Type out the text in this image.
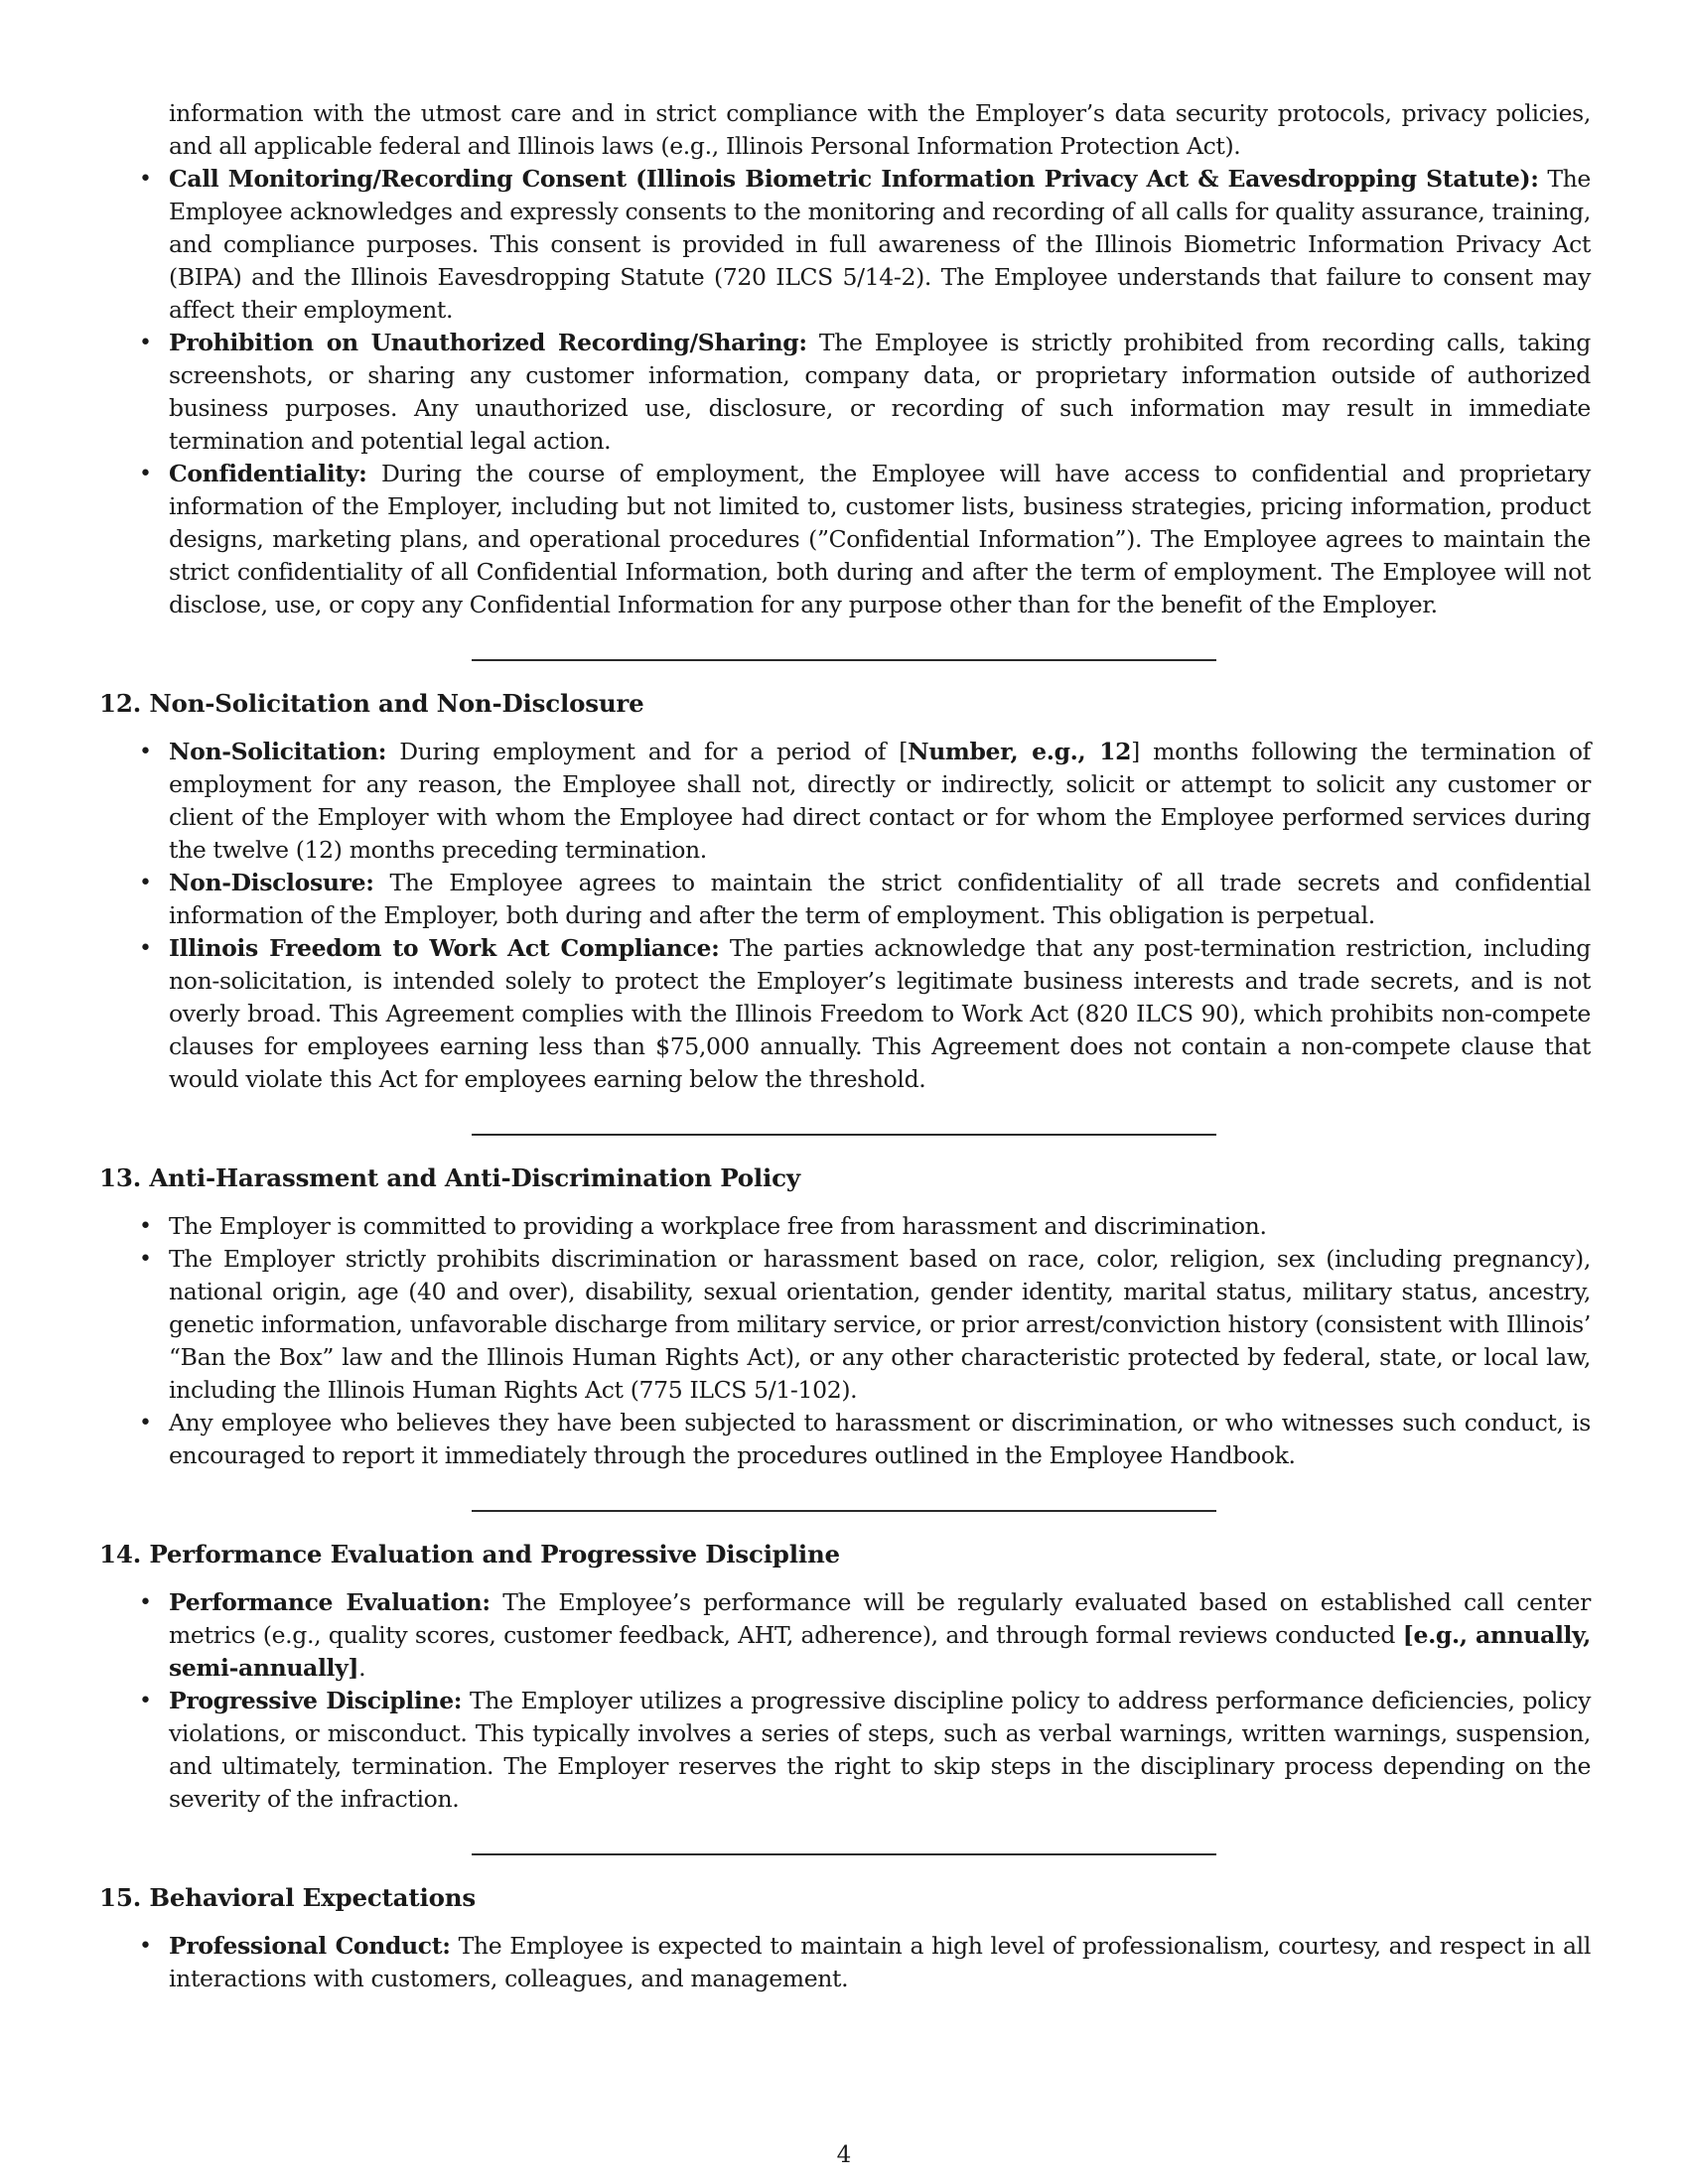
information with the utmost care and in strict compliance with the Employer’s data security protocols, privacy policies, and all applicable federal and Illinois laws (e.g., Illinois Personal Information Protection Act).

• Call Monitoring/Recording Consent (Illinois Biometric Information Privacy Act & Eavesdropping Statute): The Employee acknowledges and expressly consents to the monitoring and recording of all calls for quality assurance, training, and compliance purposes. This consent is provided in full awareness of the Illinois Biometric Information Privacy Act (BIPA) and the Illinois Eavesdropping Statute (720 ILCS 5/14-2). The Employee understands that failure to consent may affect their employment.
• Prohibition on Unauthorized Recording/Sharing: The Employee is strictly prohibited from recording calls, taking screenshots, or sharing any customer information, company data, or proprietary information outside of authorized business purposes. Any unauthorized use, disclosure, or recording of such information may result in immediate termination and potential legal action.
• Confidentiality: During the course of employment, the Employee will have access to confidential and proprietary information of the Employer, including but not limited to, customer lists, business strategies, pricing information, product designs, marketing plans, and operational procedures (”Confidential Information”). The Employee agrees to maintain the strict confidentiality of all Confidential Information, both during and after the term of employment. The Employee will not disclose, use, or copy any Confidential Information for any purpose other than for the benefit of the Employer.
12. Non-Solicitation and Non-Disclosure
• Non-Solicitation: During employment and for a period of [Number, e.g., 12] months following the termination of employment for any reason, the Employee shall not, directly or indirectly, solicit or attempt to solicit any customer or client of the Employer with whom the Employee had direct contact or for whom the Employee performed services during the twelve (12) months preceding termination.
• Non-Disclosure: The Employee agrees to maintain the strict confidentiality of all trade secrets and confidential information of the Employer, both during and after the term of employment. This obligation is perpetual.
• Illinois Freedom to Work Act Compliance: The parties acknowledge that any post-termination restriction, including non-solicitation, is intended solely to protect the Employer’s legitimate business interests and trade secrets, and is not overly broad. This Agreement complies with the Illinois Freedom to Work Act (820 ILCS 90), which prohibits non-compete clauses for employees earning less than $75,000 annually. This Agreement does not contain a non-compete clause that would violate this Act for employees earning below the threshold.
13. Anti-Harassment and Anti-Discrimination Policy
• The Employer is committed to providing a workplace free from harassment and discrimination.
• The Employer strictly prohibits discrimination or harassment based on race, color, religion, sex (including pregnancy), national origin, age (40 and over), disability, sexual orientation, gender identity, marital status, military status, ancestry, genetic information, unfavorable discharge from military service, or prior arrest/conviction history (consistent with Illinois’ “Ban the Box” law and the Illinois Human Rights Act), or any other characteristic protected by federal, state, or local law, including the Illinois Human Rights Act (775 ILCS 5/1-102).
• Any employee who believes they have been subjected to harassment or discrimination, or who witnesses such conduct, is encouraged to report it immediately through the procedures outlined in the Employee Handbook.
14. Performance Evaluation and Progressive Discipline
• Performance Evaluation: The Employee’s performance will be regularly evaluated based on established call center metrics (e.g., quality scores, customer feedback, AHT, adherence), and through formal reviews conducted [e.g., annually, semi-annually].
• Progressive Discipline: The Employer utilizes a progressive discipline policy to address performance deficiencies, policy violations, or misconduct. This typically involves a series of steps, such as verbal warnings, written warnings, suspension, and ultimately, termination. The Employer reserves the right to skip steps in the disciplinary process depending on the severity of the infraction.
15. Behavioral Expectations
• Professional Conduct: The Employee is expected to maintain a high level of professionalism, courtesy, and respect in all interactions with customers, colleagues, and management.
4
